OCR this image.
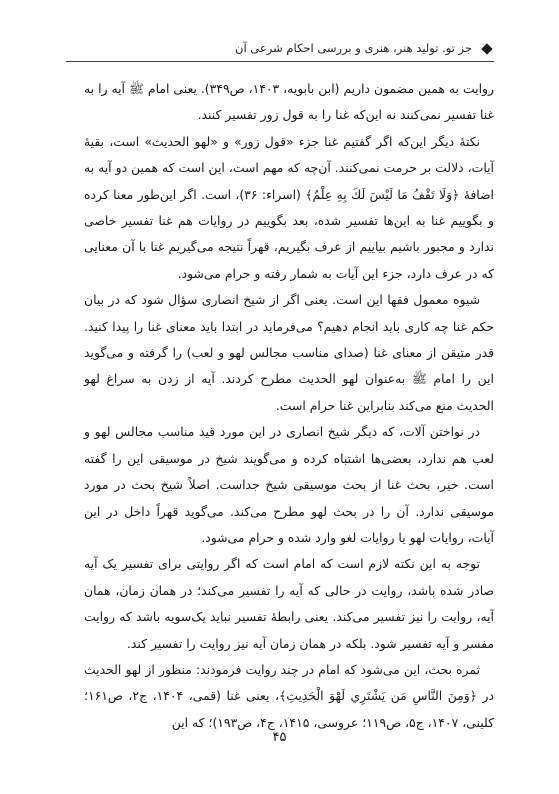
جز تو. تولید هنر، هنری و بررسی احکام شرعی آن

روایت به همین مضمون داریم (ابن بابویه، ۱۴۰۳، ص۳۴۹). یعنی امام ﷺ آیه را به غنا تفسیر نمی‌کنند نه این‌که غنا را به قول زور تفسیر کنند.

نکتهٔ دیگر این‌که اگر گفتیم غنا جزء «قول زور» و «لهو الحدیث» است، بقیهٔ آیات، دلالت بر حرمت نمی‌کنند. آن‌چه که مهم است، این است که همین دو آیه به اضافهٔ ﴿وَلَا تَقْفُ مَا لَيْسَ لَكَ بِهِ عِلْمٌ﴾ (اسراء: ۳۶)، است. اگر این‌طور معنا کرده و بگوییم غنا به این‌ها تفسیر شده، بعد بگوییم در روایات هم غنا تفسیر خاصی ندارد و مجبور باشیم بیاییم از عرف بگیریم، قهراً نتیجه می‌گیریم غنا با آن معنایی که در عرف دارد، جزء این آیات به شمار رفته و حرام می‌شود.

شیوه معمول فقها این است. یعنی اگر از شیخ انصاری سؤال شود که در بیان حکم غنا چه کاری باید انجام دهیم؟ می‌فرماید در ابتدا باید معنای غنا را پیدا کنید. قدر متیقن از معنای غنا (صدای مناسب مجالس لهو و لعب) را گرفته و می‌گوید این را امام ﷺ به‌عنوان لهو الحدیث مطرح کردند. آیه از زدن به سراغ لهو الحدیث منع می‌کند بنابراین غنا حرام است.

در نواختن آلات، که دیگر شیخ انصاری در این مورد قید مناسب مجالس لهو و لعب هم ندارد، بعضی‌ها اشتباه کرده و می‌گویند شیخ در موسیقی این را گفته است. خیر، بحث غنا از بحث موسیقی شیخ جداست. اصلاً شیخ بحث در مورد موسیقی ندارد. آن را در بحث لهو مطرح می‌کند. می‌گوید قهراً داخل در این آیات، روایات لهو یا روایات لغو وارد شده و حرام می‌شود.

توجه به این نکته لازم است که امام است که اگر روایتی برای تفسیر یک آیه صادر شده باشد، روایت در حالی که آیه را تفسیر می‌کند؛ در همان زمان، همان آیه، روایت را نیز تفسیر می‌کند. یعنی رابطهٔ تفسیر نباید یک‌سویه باشد که روایت مفسر و آیه تفسیر شود. بلکه در همان زمان آیه نیز روایت را تفسیر کند.

ثمره بحث، این می‌شود که امام در چند روایت فرمودند: منظور از لهو الحدیث در ﴿وَمِنَ النَّاسِ مَن يَشْتَرِي لَهْوَ الْحَدِيثِ﴾، یعنی غنا (قمی، ۱۴۰۴، ج۲، ص۱۶۱؛ کلینی، ۱۴۰۷، ج۵، ص۱۱۹؛ عروسی، ۱۴۱۵، ج۴، ص۱۹۳)؛ که این

۴۵
